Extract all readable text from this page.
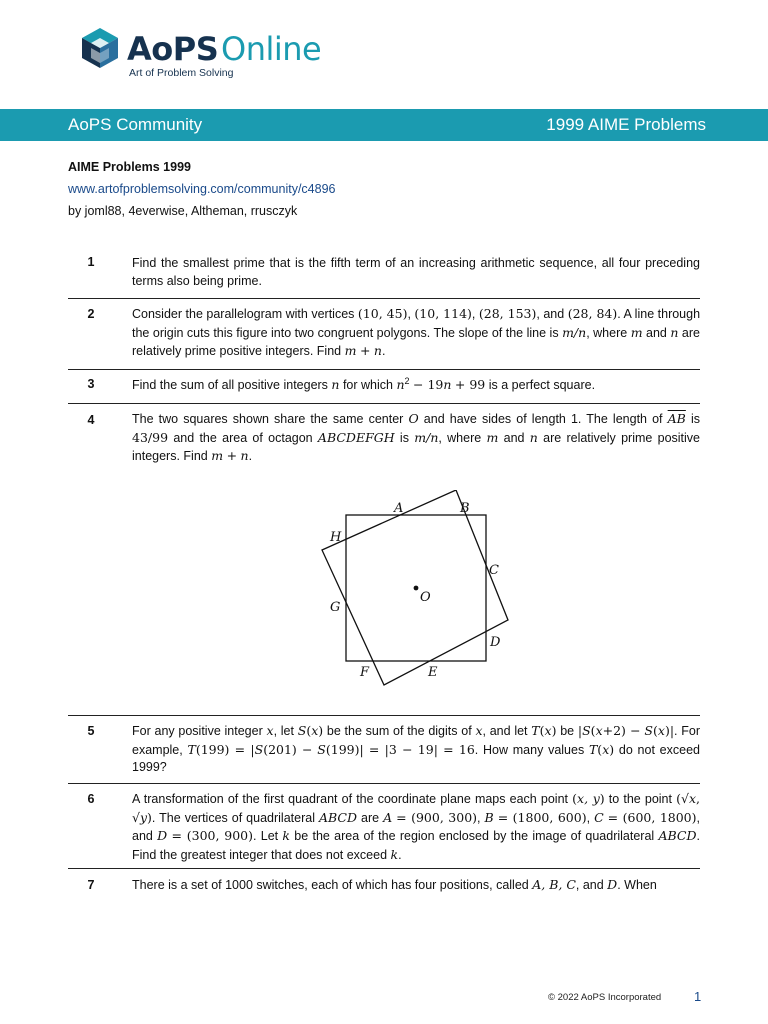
AoPS Online
Art of Problem Solving
AoPS Community	1999 AIME Problems
AIME Problems 1999
www.artofproblemsolving.com/community/c4896
by joml88, 4everwise, Altheman, rrusczyk
1	Find the smallest prime that is the fifth term of an increasing arithmetic sequence, all four preceding terms also being prime.
2	Consider the parallelogram with vertices (10, 45), (10, 114), (28, 153), and (28, 84). A line through the origin cuts this figure into two congruent polygons. The slope of the line is m/n, where m and n are relatively prime positive integers. Find m + n.
3	Find the sum of all positive integers n for which $n^2 - 19n + 99$ is a perfect square.
4	The two squares shown share the same center O and have sides of length 1. The length of $\overline{AB}$ is 43/99 and the area of octagon ABCDEFGH is m/n, where m and n are relatively prime positive integers. Find m + n.
A	B
C
D
E
F
G
H
O
5	For any positive integer x, let S(x) be the sum of the digits of x, and let T(x) be |S(x+2) − S(x)|. For example, T(199) = |S(201) − S(199)| = |3 − 19| = 16. How many values T(x) do not exceed 1999?
6	A transformation of the first quadrant of the coordinate plane maps each point (x, y) to the point (√x, √y). The vertices of quadrilateral ABCD are A = (900, 300), B = (1800, 600), C = (600, 1800), and D = (300, 900). Let k be the area of the region enclosed by the image of quadrilateral ABCD. Find the greatest integer that does not exceed k.
7	There is a set of 1000 switches, each of which has four positions, called A, B, C, and D. When
© 2022 AoPS Incorporated	1
